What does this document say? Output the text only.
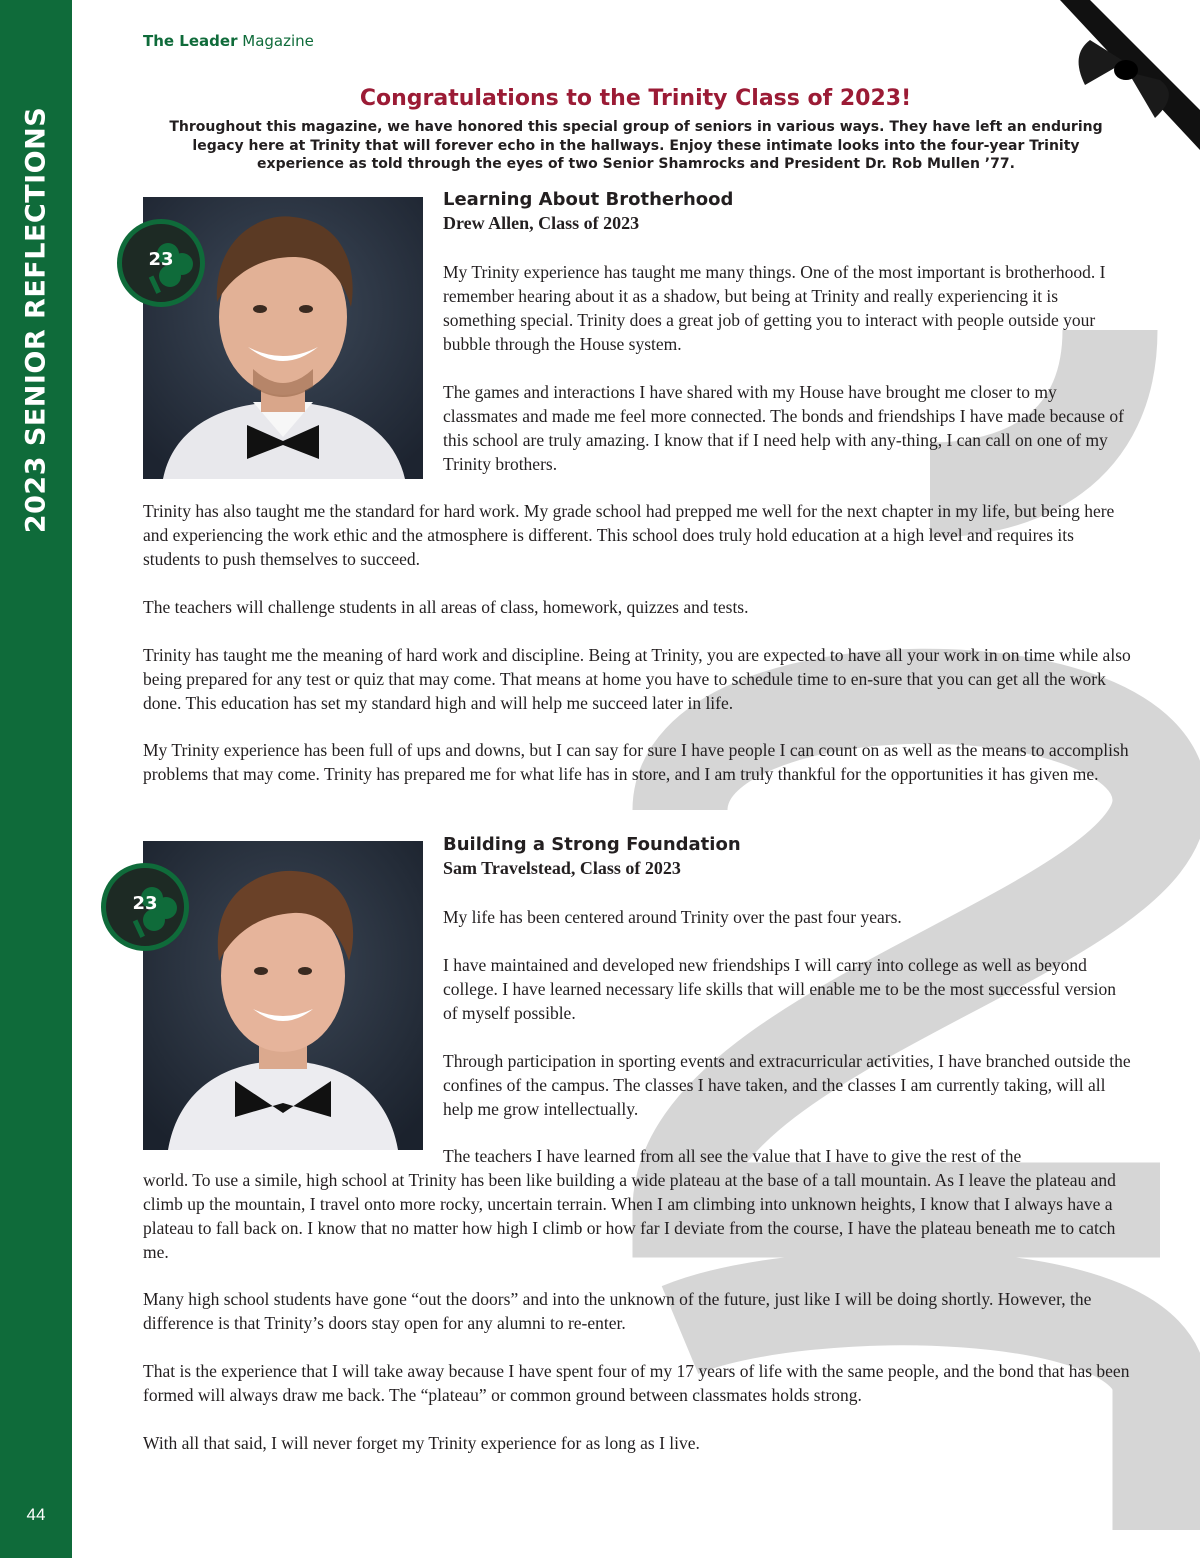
2023 SENIOR REFLECTIONS
44
The Leader Magazine
Congratulations to the Trinity Class of 2023!

Throughout this magazine, we have honored this special group of seniors in various ways. They have left an enduring legacy here at Trinity that will forever echo in the hallways. Enjoy these intimate looks into the four-year Trinity experience as told through the eyes of two Senior Shamrocks and President Dr. Rob Mullen ’77.

23
Learning About Brotherhood
Drew Allen, Class of 2023

My Trinity experience has taught me many things. One of the most important is brotherhood. I remember hearing about it as a shadow, but being at Trinity and really experiencing it is something special. Trinity does a great job of getting you to interact with people outside your bubble through the House system.

The games and interactions I have shared with my House have brought me closer to my classmates and made me feel more connected. The bonds and friendships I have made because of this school are truly amazing. I know that if I need help with any-thing, I can call on one of my Trinity brothers.

Trinity has also taught me the standard for hard work. My grade school had prepped me well for the next chapter in my life, but being here and experiencing the work ethic and the atmosphere is different. This school does truly hold education at a high level and requires its students to push themselves to succeed.

The teachers will challenge students in all areas of class, homework, quizzes and tests.

Trinity has taught me the meaning of hard work and discipline. Being at Trinity, you are expected to have all your work in on time while also being prepared for any test or quiz that may come. That means at home you have to schedule time to en-sure that you can get all the work done. This education has set my standard high and will help me succeed later in life.

My Trinity experience has been full of ups and downs, but I can say for sure I have people I can count on as well as the means to accomplish problems that may come. Trinity has prepared me for what life has in store, and I am truly thankful for the opportunities it has given me.

23
Building a Strong Foundation
Sam Travelstead, Class of 2023

My life has been centered around Trinity over the past four years.

I have maintained and developed new friendships I will carry into college as well as beyond college. I have learned necessary life skills that will enable me to be the most successful version of myself possible.

Through participation in sporting events and extracurricular activities, I have branched outside the confines of the campus. The classes I have taken, and the classes I am currently taking, will all help me grow intellectually.

The teachers I have learned from all see the value that I have to give the rest of the

world. To use a simile, high school at Trinity has been like building a wide plateau at the base of a tall mountain. As I leave the plateau and climb up the mountain, I travel onto more rocky, uncertain terrain. When I am climbing into unknown heights, I know that I always have a plateau to fall back on. I know that no matter how high I climb or how far I deviate from the course, I have the plateau beneath me to catch me.

Many high school students have gone “out the doors” and into the unknown of the future, just like I will be doing shortly. However, the difference is that Trinity’s doors stay open for any alumni to re-enter.

That is the experience that I will take away because I have spent four of my 17 years of life with the same people, and the bond that has been formed will always draw me back. The “plateau” or common ground between classmates holds strong.

With all that said, I will never forget my Trinity experience for as long as I live.
